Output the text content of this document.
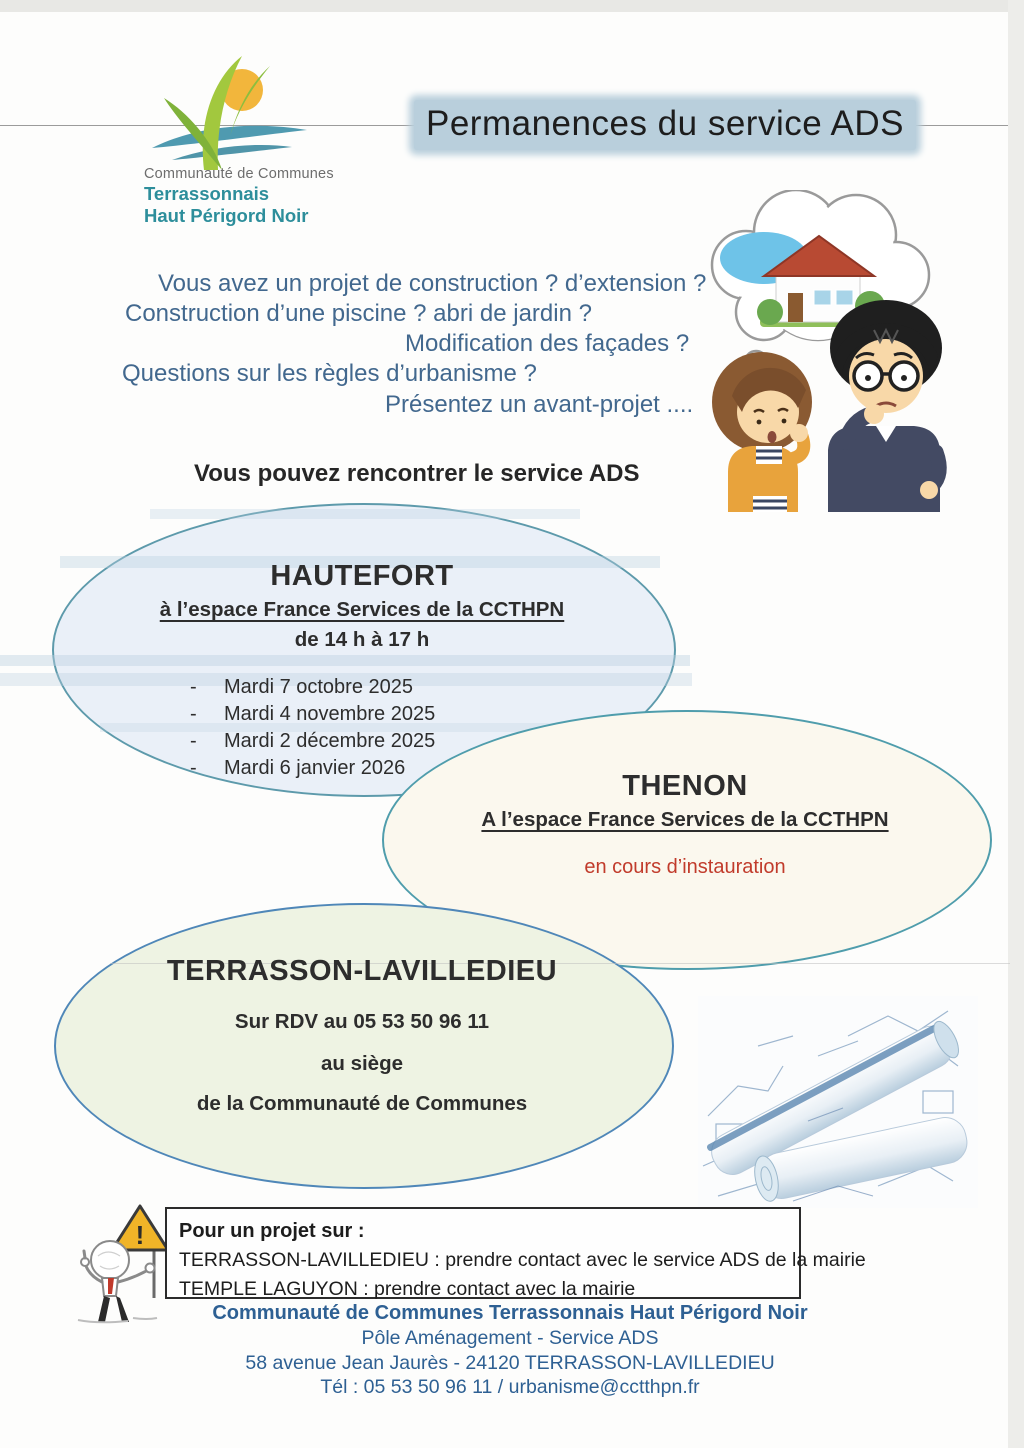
Communauté de Communes
Terrassonnais
Haut Périgord Noir
Permanences du service ADS
Vous avez un projet de construction ? d’extension ?
Construction d’une piscine ? abri de jardin ?
Modification des façades ?
Questions sur les règles d’urbanisme ?
Présentez un avant-projet ....
Vous pouvez rencontrer le service ADS
HAUTEFORT
à l’espace France Services de la CCTHPN
de 14 h à 17 h
-	Mardi 7 octobre 2025
-	Mardi 4 novembre 2025
-	Mardi 2 décembre 2025
-	Mardi 6 janvier 2026
THENON
A l’espace France Services de la CCTHPN
en cours d’instauration
TERRASSON-LAVILLEDIEU
Sur RDV au 05 53 50 96 11
au siège
de la Communauté de Communes
! Pour un projet sur :
TERRASSON-LAVILLEDIEU : prendre contact avec le service ADS de la mairie
TEMPLE LAGUYON : prendre contact avec la mairie
Communauté de Communes Terrassonnais Haut Périgord Noir
Pôle Aménagement - Service ADS
58 avenue Jean Jaurès - 24120 TERRASSON-LAVILLEDIEU
Tél : 05 53 50 96 11 / urbanisme@cctthpn.fr
